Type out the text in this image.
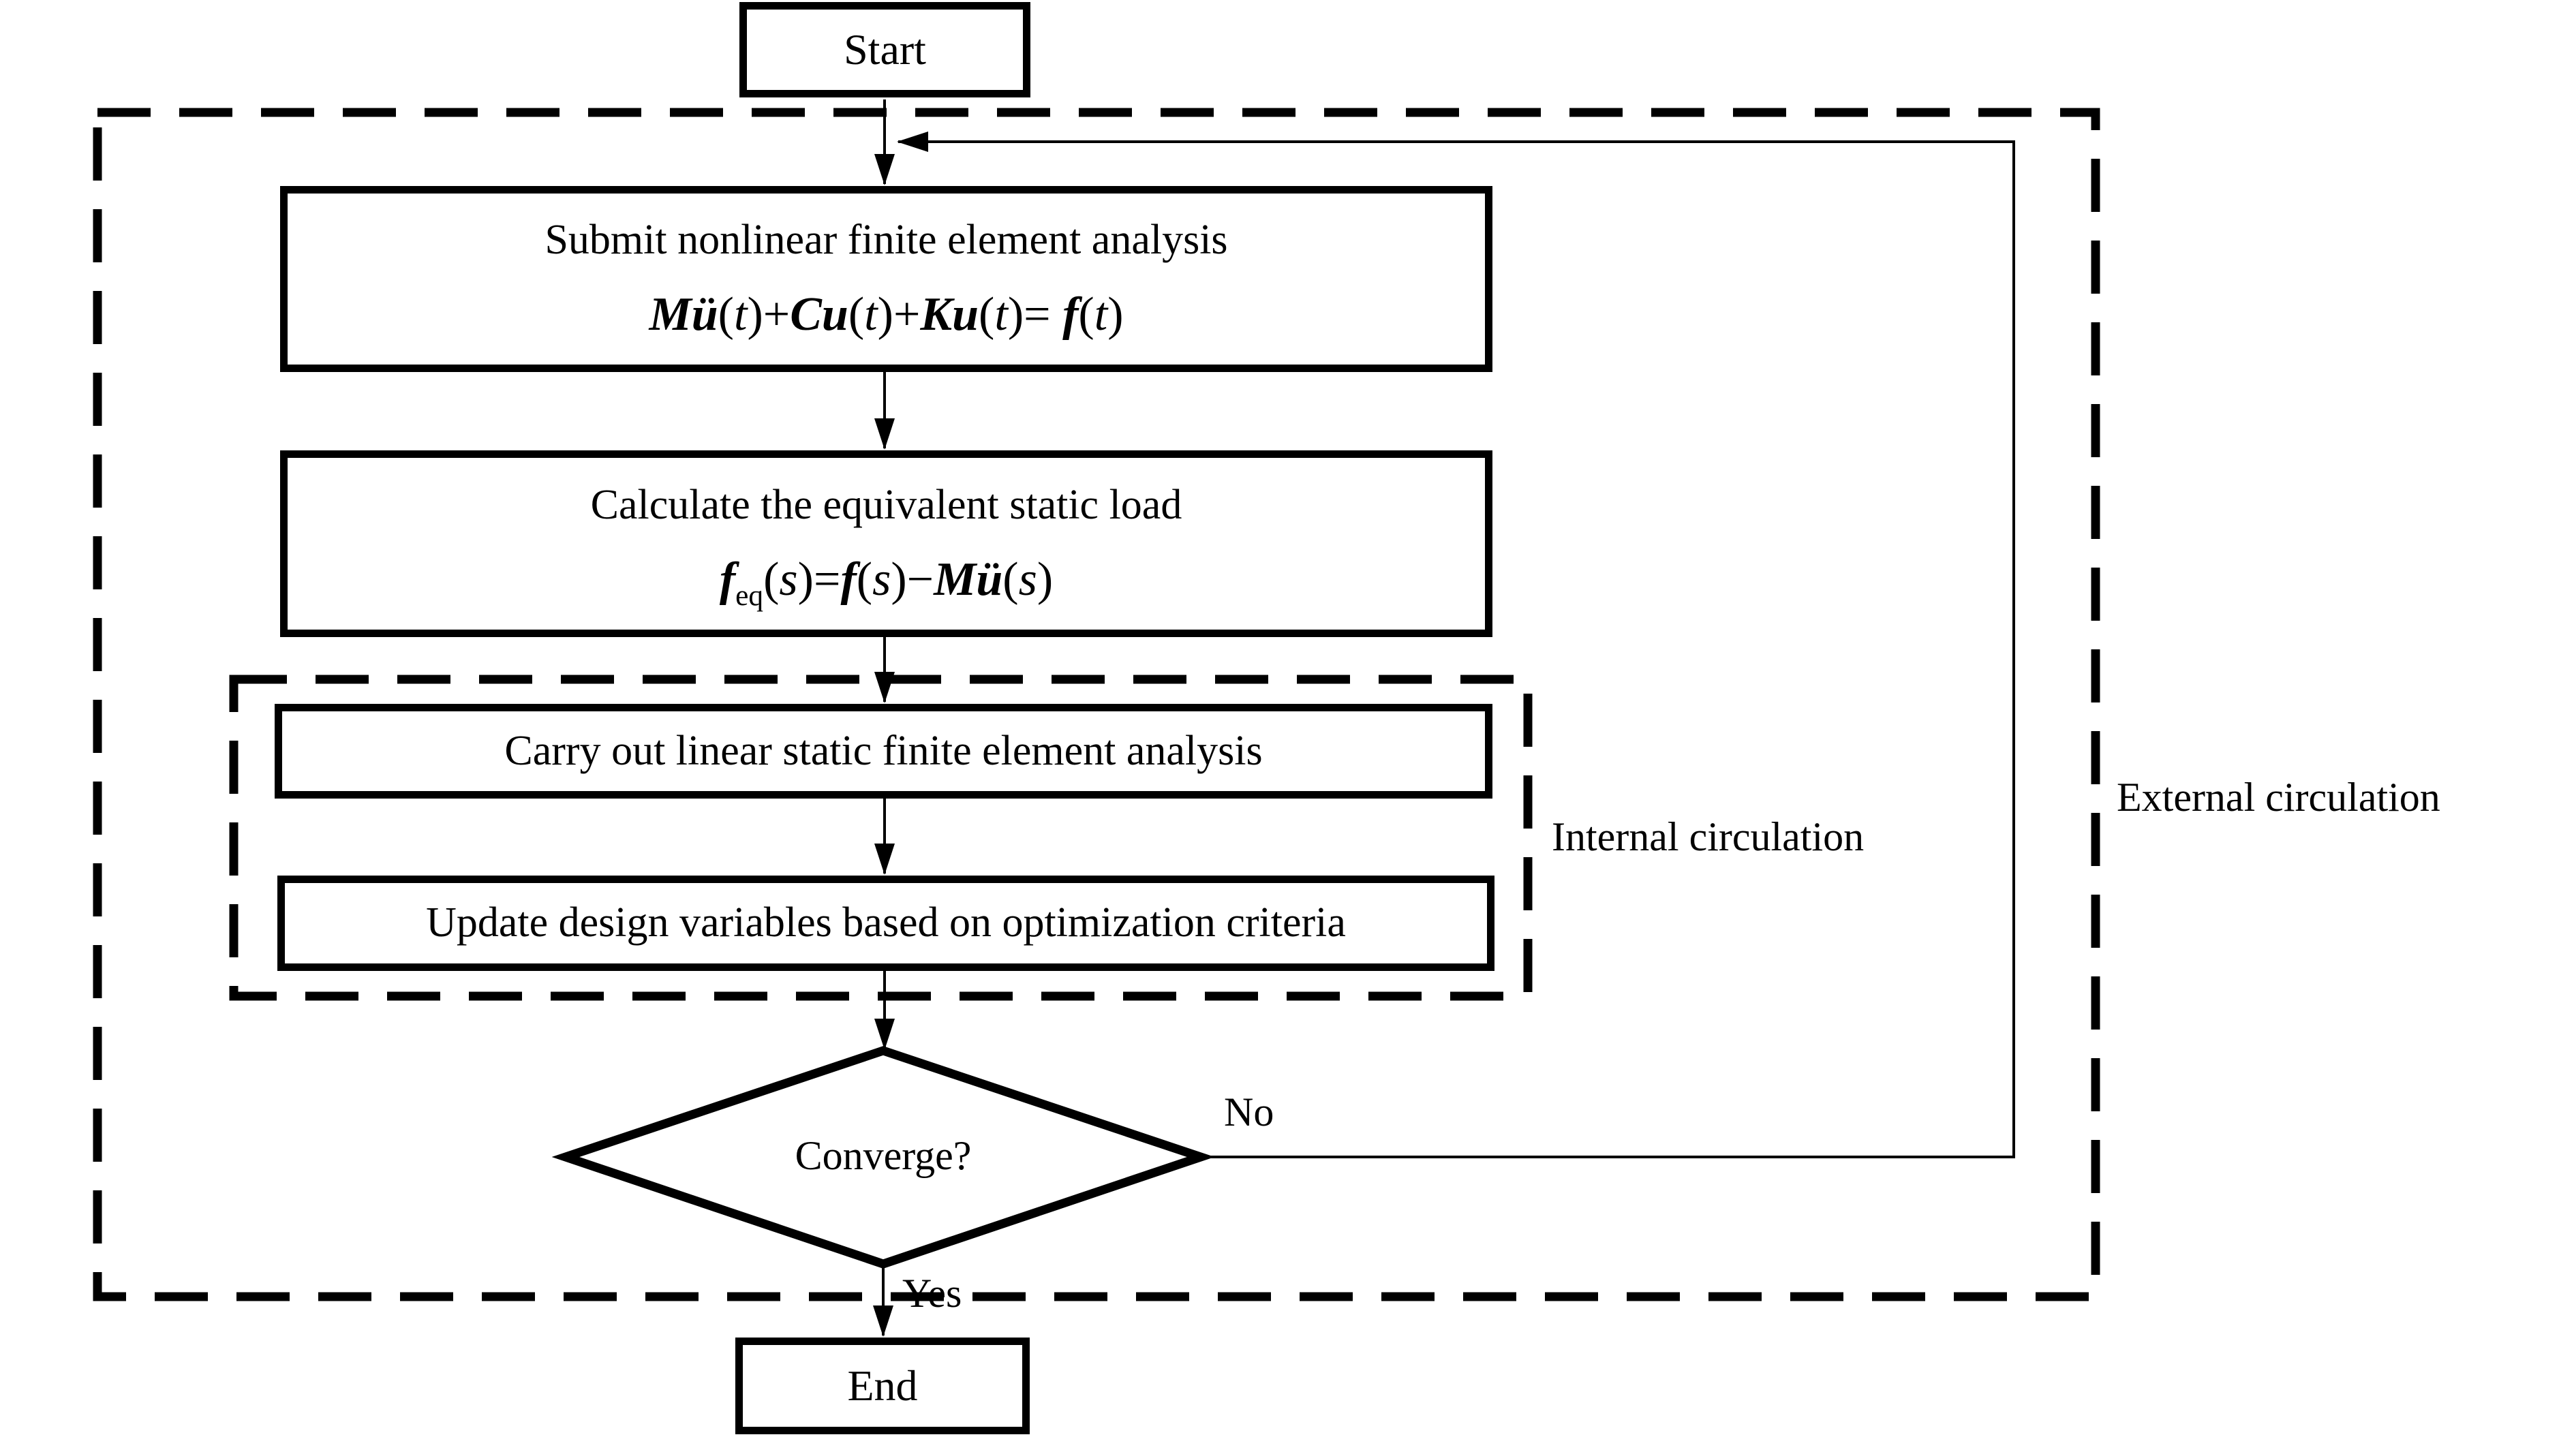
Start
Submit nonlinear finite element analysis
Mü(t)+Cu(t)+Ku(t)= f(t)
Calculate the equivalent static load
$f_{eq}(s)=f(s)-Mü(s)$
Carry out linear static finite element analysis
Update design variables based on optimization criteria
Converge?
End
No
Yes
Internal circulation
External circulation
